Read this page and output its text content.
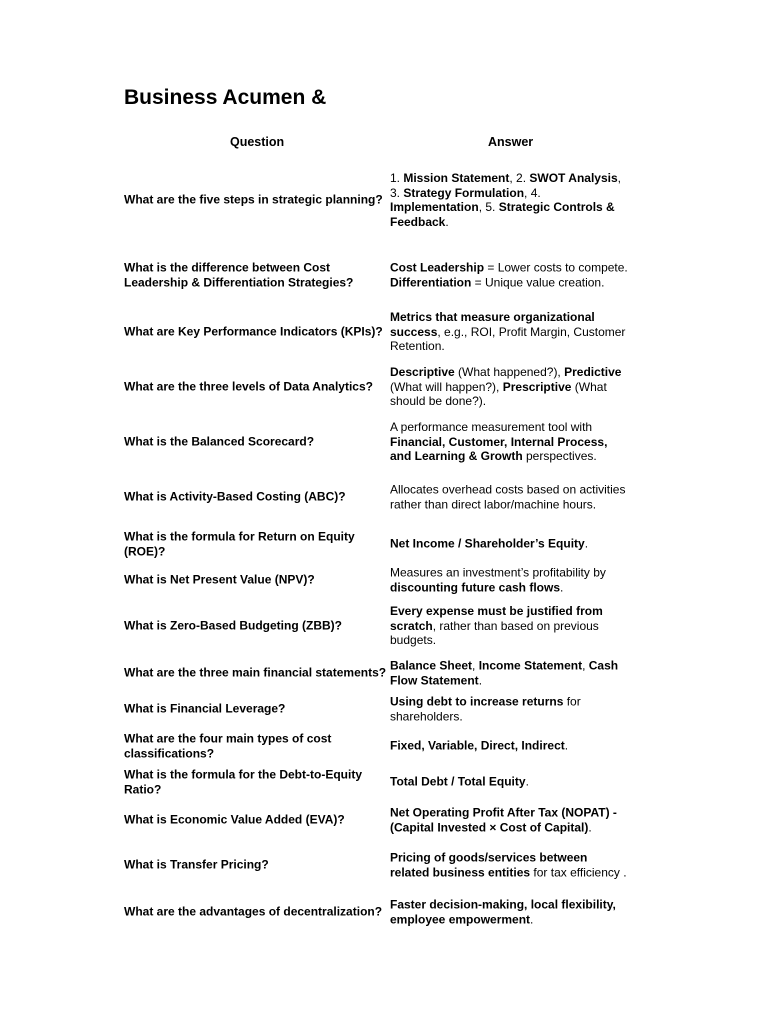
Business Acumen &
Question	Answer
What are the five steps in strategic planning?
1. Mission Statement, 2. SWOT Analysis, 3. Strategy Formulation, 4. Implementation, 5. Strategic Controls & Feedback.
What is the difference between Cost Leadership & Differentiation Strategies?
Cost Leadership = Lower costs to compete. Differentiation = Unique value creation.
What are Key Performance Indicators (KPIs)?
Metrics that measure organizational success, e.g., ROI, Profit Margin, Customer Retention.
What are the three levels of Data Analytics?
Descriptive (What happened?), Predictive (What will happen?), Prescriptive (What should be done?).
What is the Balanced Scorecard?
A performance measurement tool with Financial, Customer, Internal Process, and Learning & Growth perspectives.
What is Activity-Based Costing (ABC)?
Allocates overhead costs based on activities rather than direct labor/machine hours.
What is the formula for Return on Equity (ROE)?
Net Income / Shareholder’s Equity.
What is Net Present Value (NPV)?
Measures an investment’s profitability by discounting future cash flows.
What is Zero-Based Budgeting (ZBB)?
Every expense must be justified from scratch, rather than based on previous budgets.
What are the three main financial statements?
Balance Sheet, Income Statement, Cash Flow Statement.
What is Financial Leverage?
Using debt to increase returns for shareholders.
What are the four main types of cost classifications?
Fixed, Variable, Direct, Indirect.
What is the formula for the Debt-to-Equity Ratio?
Total Debt / Total Equity.
What is Economic Value Added (EVA)?
Net Operating Profit After Tax (NOPAT) - (Capital Invested × Cost of Capital).
What is Transfer Pricing?
Pricing of goods/services between related business entities for tax efficiency .
What are the advantages of decentralization?
Faster decision-making, local flexibility, employee empowerment.
